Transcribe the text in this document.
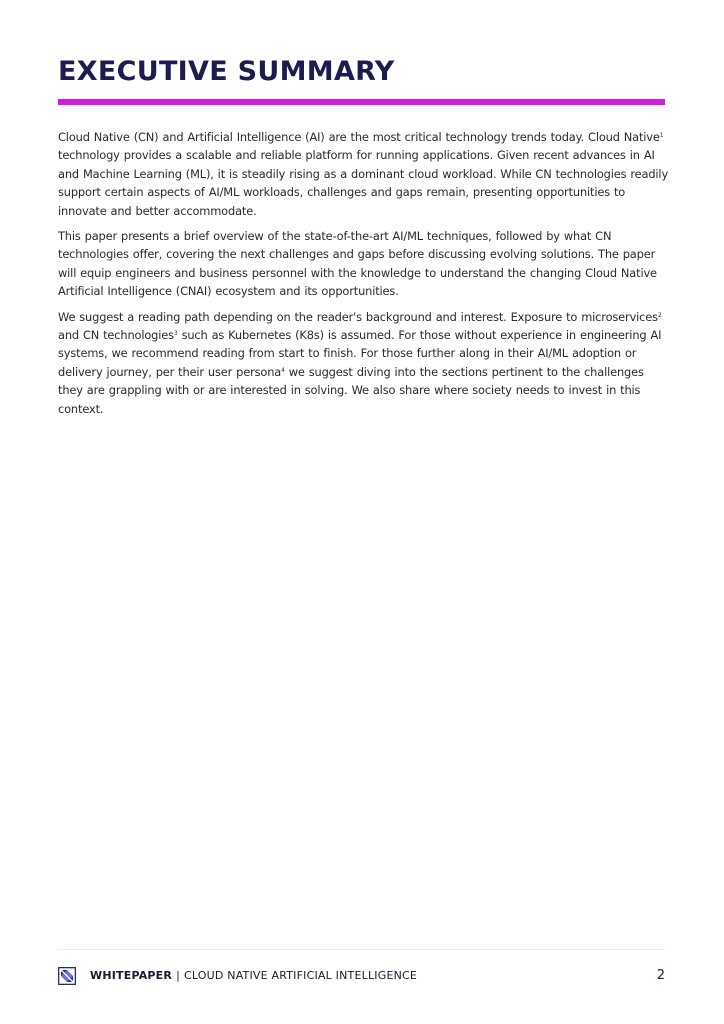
EXECUTIVE SUMMARY

Cloud Native (CN) and Artificial Intelligence (AI) are the most critical technology trends today. Cloud Native$^1$ technology provides a scalable and reliable platform for running applications. Given recent advances in AI and Machine Learning (ML), it is steadily rising as a dominant cloud workload. While CN technologies readily support certain aspects of AI/ML workloads, challenges and gaps remain, presenting opportunities to innovate and better accommodate.

This paper presents a brief overview of the state-of-the-art AI/ML techniques, followed by what CN technologies offer, covering the next challenges and gaps before discussing evolving solutions. The paper will equip engineers and business personnel with the knowledge to understand the changing Cloud Native Artificial Intelligence (CNAI) ecosystem and its opportunities.

We suggest a reading path depending on the reader's background and interest. Exposure to microservices$^2$ and CN technologies$^3$ such as Kubernetes (K8s) is assumed. For those without experience in engineering AI systems, we recommend reading from start to finish. For those further along in their AI/ML adoption or delivery journey, per their user persona$^4$ we suggest diving into the sections pertinent to the challenges they are grappling with or are interested in solving. We also share where society needs to invest in this context.

WHITEPAPER | CLOUD NATIVE ARTIFICIAL INTELLIGENCE	2
